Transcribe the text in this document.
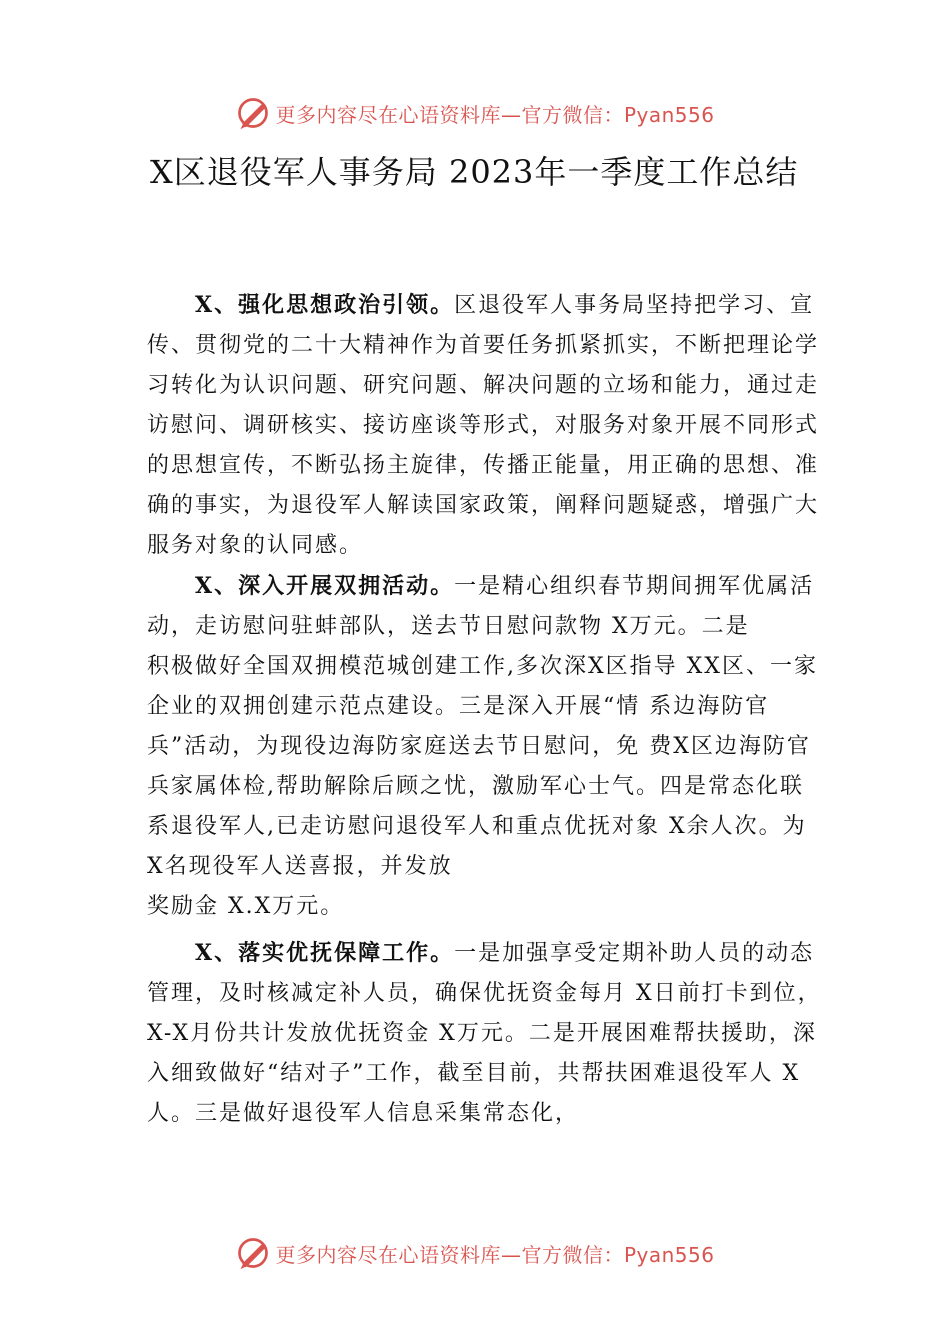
更多内容尽在心语资料库—官方微信：Pyan556
X区退役军人事务局 2023年一季度工作总结

X、强化思想政治引领。区退役军人事务局坚持把学习、宣传、贯彻党的二十大精神作为首要任务抓紧抓实，不断把理论学习转化为认识问题、研究问题、解决问题的立场和能力，通过走访慰问、调研核实、接访座谈等形式，对服务对象开展不同形式的思想宣传，不断弘扬主旋律，传播正能量，用正确的思想、准确的事实，为退役军人解读国家政策，阐释问题疑惑，增强广大服务对象的认同感。

X、深入开展双拥活动。一是精心组织春节期间拥军优属活动，走访慰问驻蚌部队，送去节日慰问款物 X万元。二是

积极做好全国双拥模范城创建工作,多次深X区指导 XX区、一家企业的双拥创建示范点建设。三是深入开展“情 系边海防官兵”活动，为现役边海防家庭送去节日慰问，免 费X区边海防官兵家属体检,帮助解除后顾之忧，激励军心士气。四是常态化联系退役军人,已走访慰问退役军人和重点优抚对象 X余人次。为 X名现役军人送喜报，并发放

奖励金 X.X万元。

X、落实优抚保障工作。一是加强享受定期补助人员的动态管理，及时核减定补人员，确保优抚资金每月 X日前打卡到位，X-X月份共计发放优抚资金 X万元。二是开展困难帮扶援助，深入细致做好“结对子”工作，截至目前，共帮扶困难退役军人 X人。三是做好退役军人信息采集常态化，

更多内容尽在心语资料库—官方微信：Pyan556
